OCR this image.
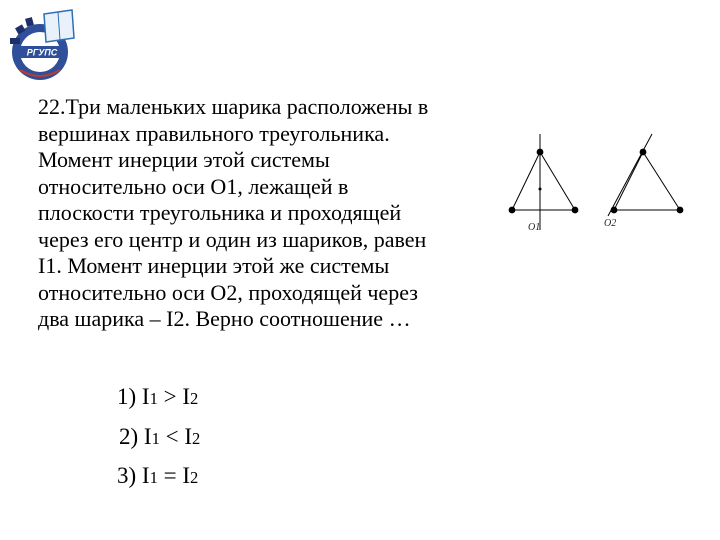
РГУПС
22.Три маленьких шарика расположены в
вершинах правильного треугольника.
Момент инерции этой системы
относительно оси О1, лежащей в
плоскости треугольника и проходящей
через его центр и один из шариков, равен
I1. Момент инерции этой же системы
относительно оси О2, проходящей через
два шарика – I2. Верно соотношение …
O1	O2
1) I1 > I2
2) I1 < I2
3) I1 = I2
